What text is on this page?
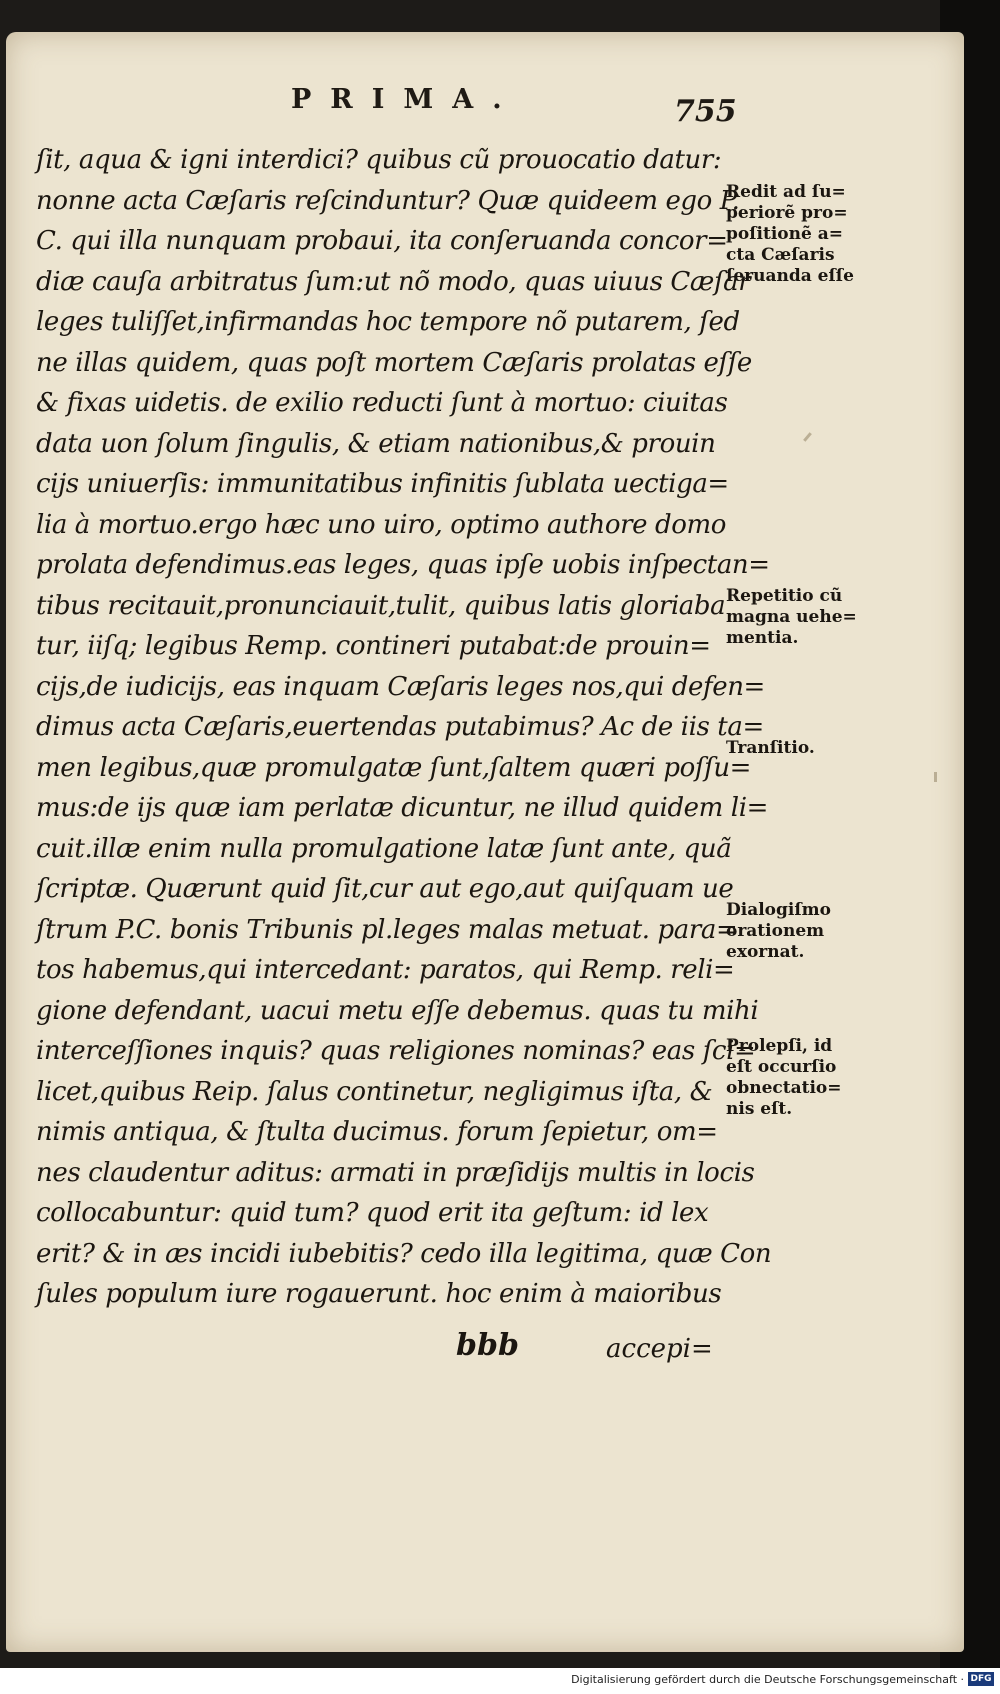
PRIMA.	755
ſit, aqua & igni interdici? quibus cũ prouocatio datur:
nonne acta Cæſaris reſcinduntur? Quæ quideem ego P.
C. qui illa nunquam probaui, ita conſeruanda concor=
diæ cauſa arbitratus ſum:ut nõ modo, quas uiuus Cæſar
leges tuliſſet,infirmandas hoc tempore nõ putarem, ſed
ne illas quidem, quas poſt mortem Cæſaris prolatas eſſe
& fixas uidetis. de exilio reducti ſunt à mortuo: ciuitas
data uon ſolum ſingulis, & etiam nationibus,& prouin
cijs uniuerſis: immunitatibus infinitis ſublata uectiga=
lia à mortuo.ergo hæc uno uiro, optimo authore domo
prolata defendimus.eas leges, quas ipſe uobis inſpectan=
tibus recitauit,pronunciauit,tulit, quibus latis gloriaba
tur, iiſq; legibus Remp. contineri putabat:de prouin=
cijs,de iudicijs, eas inquam Cæſaris leges nos,qui defen=
dimus acta Cæſaris,euertendas putabimus? Ac de iis ta=
men legibus,quæ promulgatæ ſunt,ſaltem quæri poſſu=
mus:de ijs quæ iam perlatæ dicuntur, ne illud quidem li=
cuit.illæ enim nulla promulgatione latæ ſunt ante, quã
ſcriptæ. Quærunt quid ſit,cur aut ego,aut quiſquam ue
ſtrum P.C. bonis Tribunis pl.leges malas metuat. para=
tos habemus,qui intercedant: paratos, qui Remp. reli=
gione defendant, uacui metu eſſe debemus. quas tu mihi
interceſſiones inquis? quas religiones nominas? eas ſci=
licet,quibus Reip. ſalus continetur, negligimus iſta, &
nimis antiqua, & ſtulta ducimus. forum ſepietur, om=
nes claudentur aditus: armati in præſidijs multis in locis
collocabuntur: quid tum? quod erit ita geſtum: id lex
erit? & in æs incidi iubebitis? cedo illa legitima, quæ Con
ſules populum iure rogauerunt. hoc enim à maioribus
Redit ad ſu=
periorẽ pro=
poſitionẽ a=
cta Cæſaris
ſeruanda eſſe
Repetitio cũ
magna uehe=
mentia.
Tranſitio.
Dialogiſmo
orationem
exornat.
Prolepſi, id
eſt occurſio
obnectatio=
nis eſt.
bbb	accepi=
Digitalisierung gefördert durch die Deutsche Forschungsgemeinschaft · DFG
